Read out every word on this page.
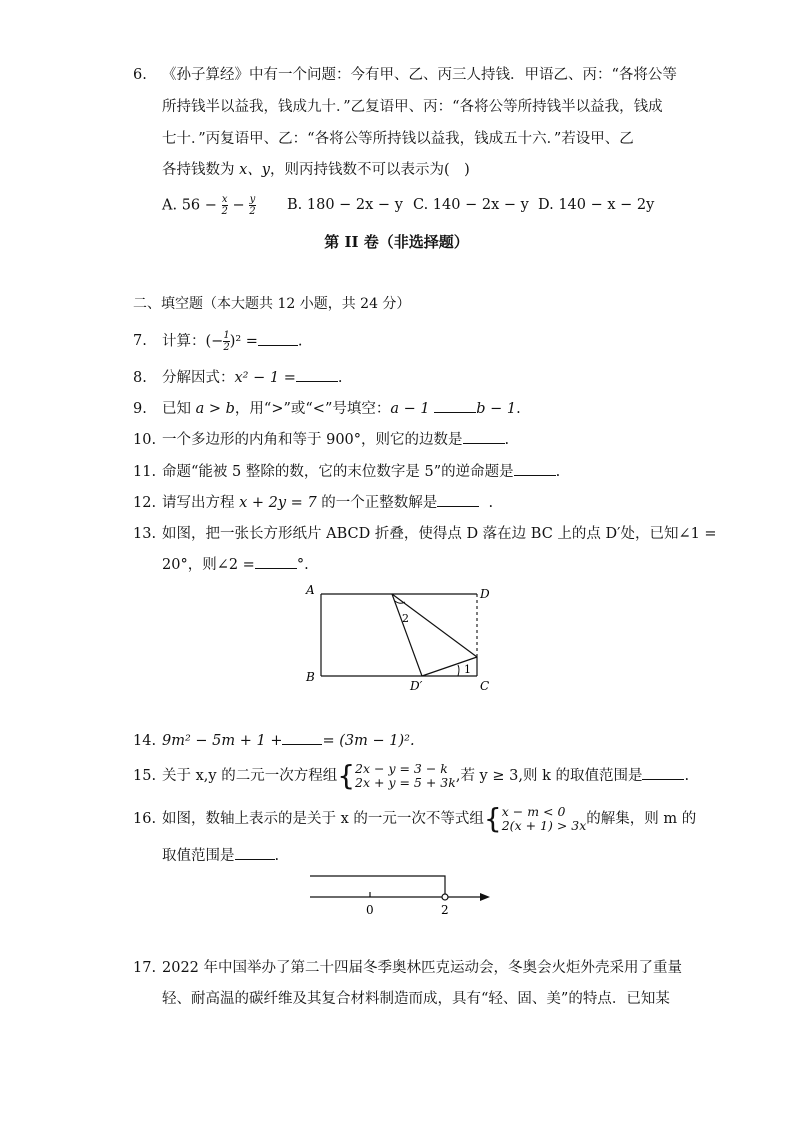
6. 《孙子算经》中有一个问题：今有甲、乙、丙三人持钱．甲语乙、丙：“各将公等
所持钱半以益我，钱成九十．”乙复语甲、丙：“各将公等所持钱半以益我，钱成
七十．”丙复语甲、乙：“各将公等所持钱以益我，钱成五十六．”若设甲、乙
各持钱数为 x、y，则丙持钱数不可以表示为(　)
A. $56 - \frac{x}{2} - \frac{y}{2} B$. 180 − 2x − y C. 140 − 2x − y D. 140 − x − 2y
第 II 卷（非选择题）
二、填空题（本大题共 12 小题，共 24 分）
7. 计算：(− $\frac{1}{2} )^2$ =	.
8. 分解因式：x² − 1 =	.
9. 已知 a > b，用“>”或“<”号填空：a − 1	b − 1.
10. 一个多边形的内角和等于 900°，则它的边数是	.
11. 命题“能被 5 整除的数，它的末位数字是 5”的逆命题是	.
12. 请写出方程 x + 2y = 7 的一个正整数解是	.
13. 如图，把一张长方形纸片 ABCD 折叠，使得点 D 落在边 BC 上的点 D′处，已知∠1 =
20°，则∠2 =	°.
A
B
C
D
D′
1
2
14. 9m² − 5m + 1 +	= (3m − 1)².
15. 关于 x,y 的二元一次方程组{ 2x − y = 3 − k
2x + y = 5 + 3k ,若 y ≥ 3,则 k 的取值范围是	.
16. 如图，数轴上表示的是关于 x 的一元一次不等式组{ x − m < 0
2(x + 1) > 3x 的解集，则 m 的
取值范围是	.
0	2
17. 2022 年中国举办了第二十四届冬季奥林匹克运动会，冬奥会火炬外壳采用了重量
轻、耐高温的碳纤维及其复合材料制造而成，具有“轻、固、美”的特点．已知某
